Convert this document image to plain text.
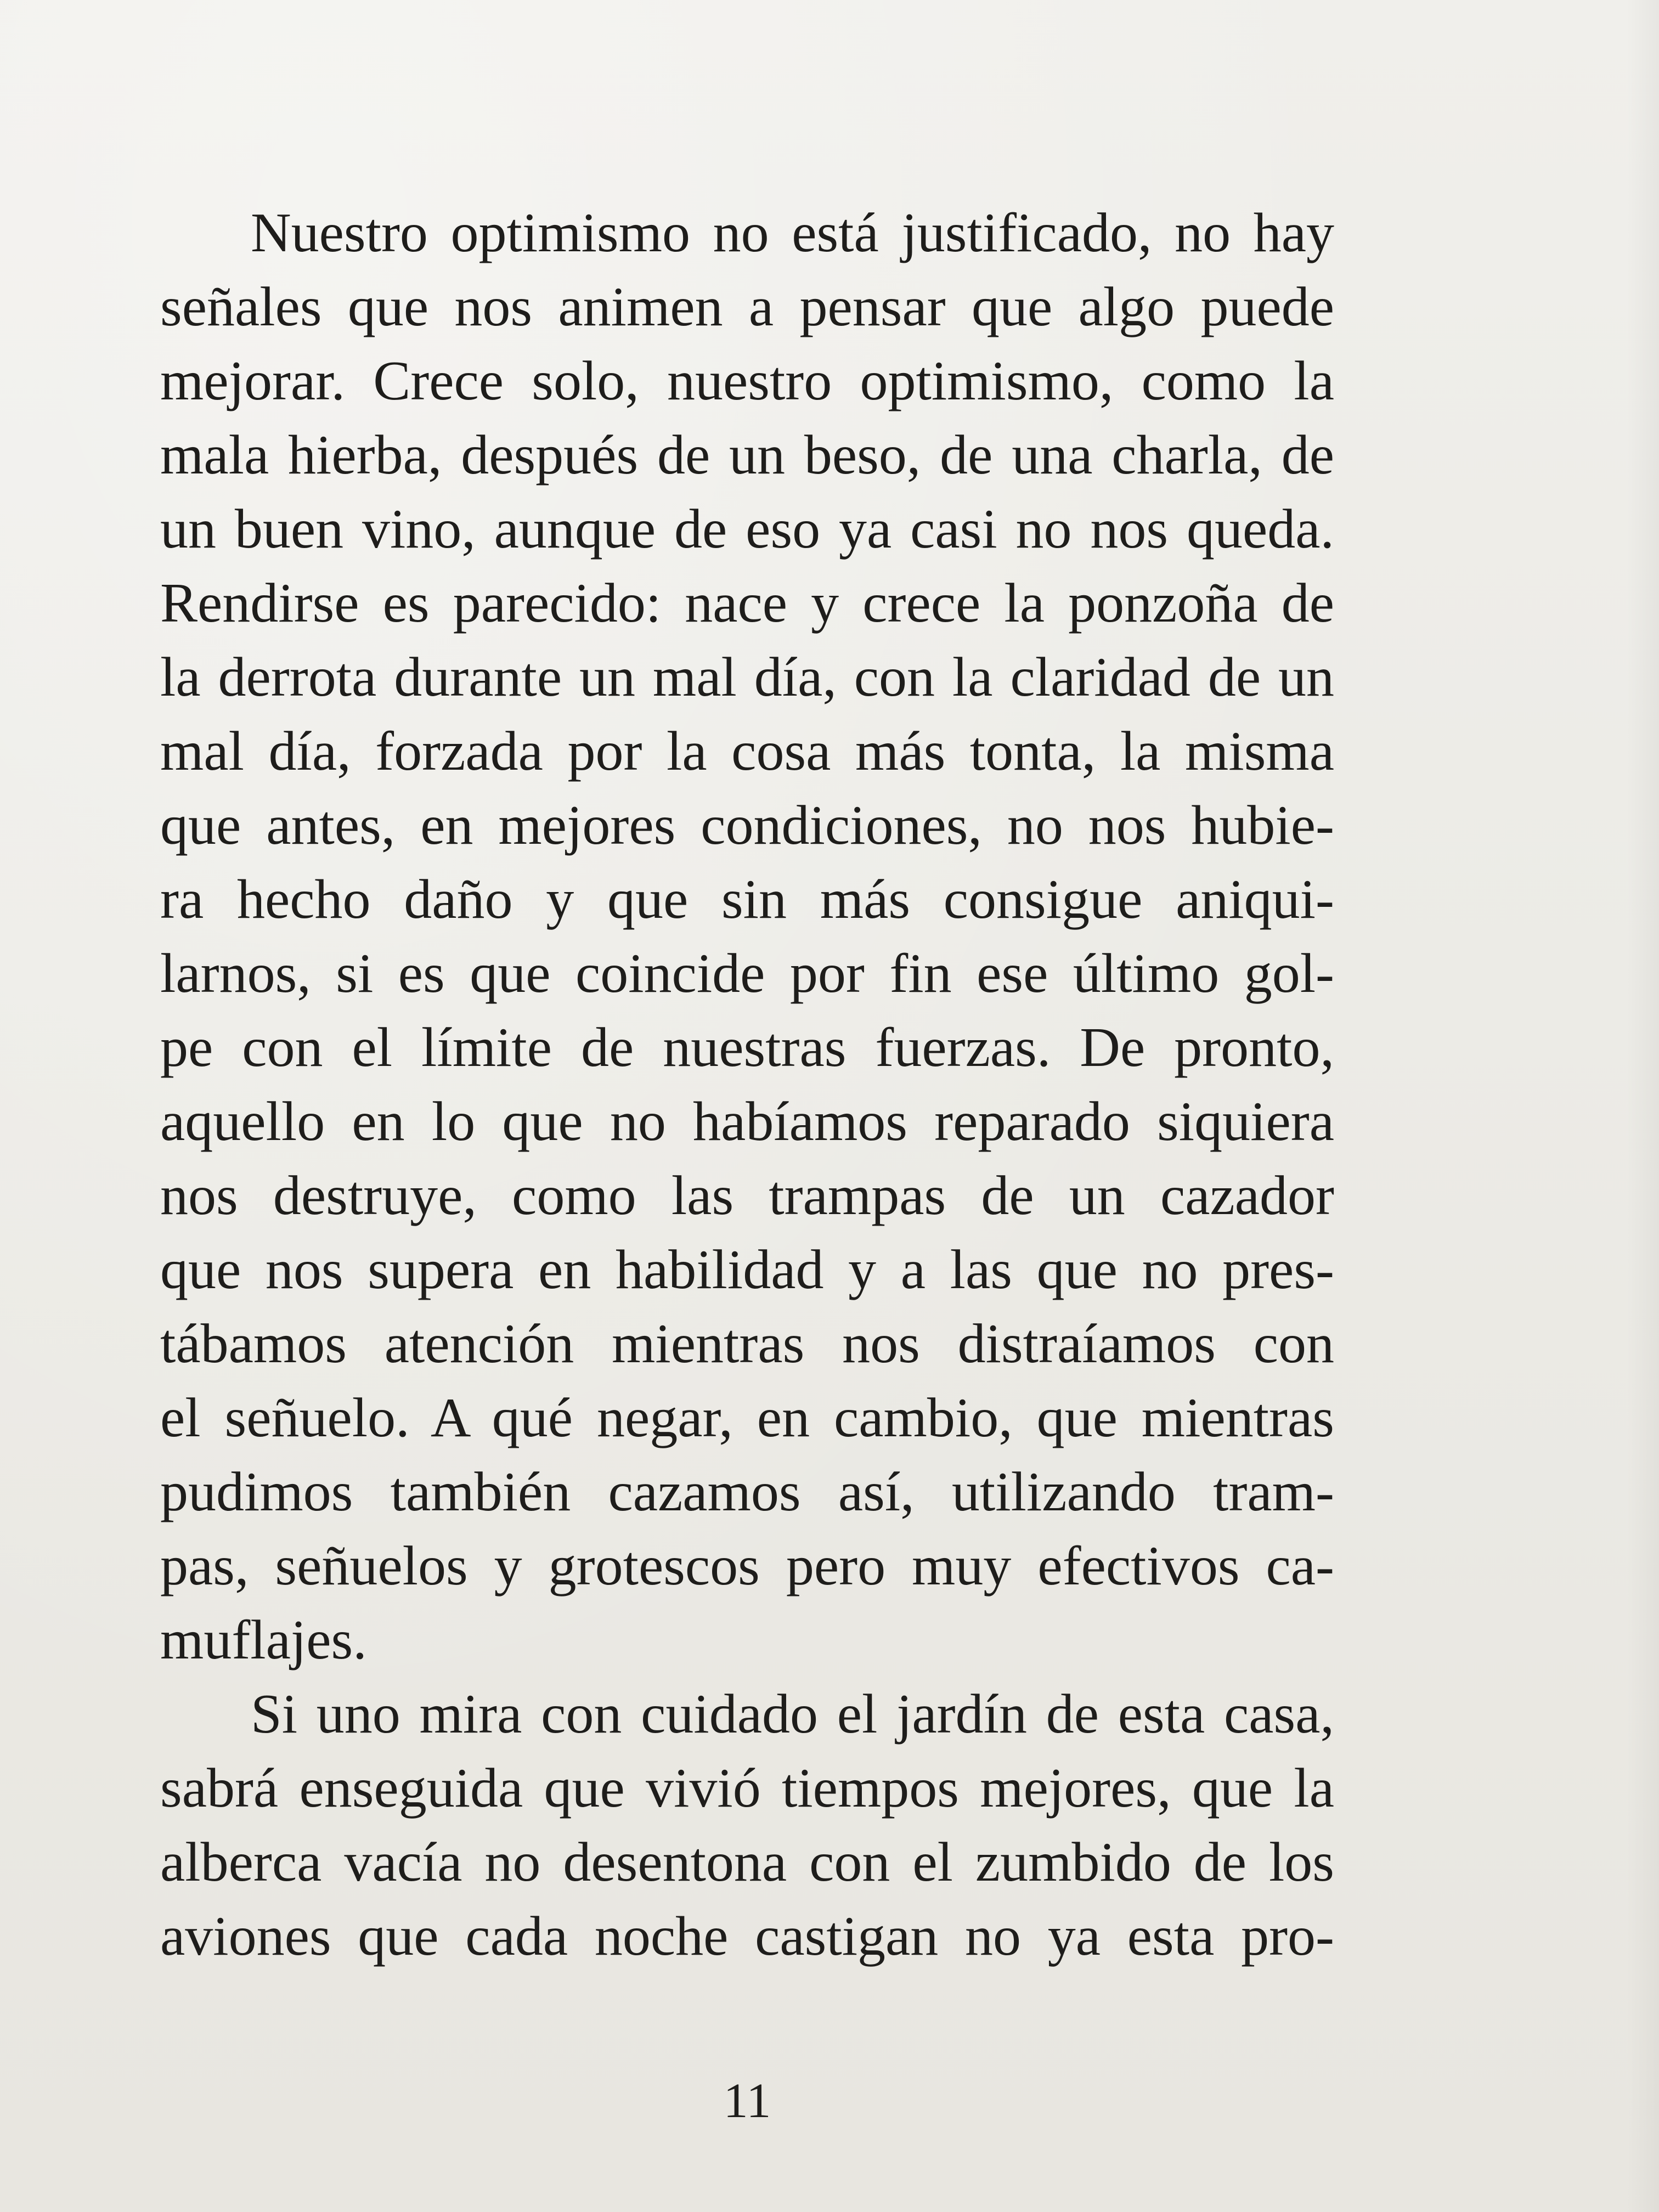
Nuestro optimismo no está justificado, no hay
señales que nos animen a pensar que algo puede
mejorar. Crece solo, nuestro optimismo, como la
mala hierba, después de un beso, de una charla, de
un buen vino, aunque de eso ya casi no nos queda.
Rendirse es parecido: nace y crece la ponzoña de
la derrota durante un mal día, con la claridad de un
mal día, forzada por la cosa más tonta, la misma
que antes, en mejores condiciones, no nos hubie-
ra hecho daño y que sin más consigue aniqui-
larnos, si es que coincide por fin ese último gol-
pe con el límite de nuestras fuerzas. De pronto,
aquello en lo que no habíamos reparado siquiera
nos destruye, como las trampas de un cazador
que nos supera en habilidad y a las que no pres-
tábamos atención mientras nos distraíamos con
el señuelo. A qué negar, en cambio, que mientras
pudimos también cazamos así, utilizando tram-
pas, señuelos y grotescos pero muy efectivos ca-
muflajes.
Si uno mira con cuidado el jardín de esta casa,
sabrá enseguida que vivió tiempos mejores, que la
alberca vacía no desentona con el zumbido de los
aviones que cada noche castigan no ya esta pro-
11
